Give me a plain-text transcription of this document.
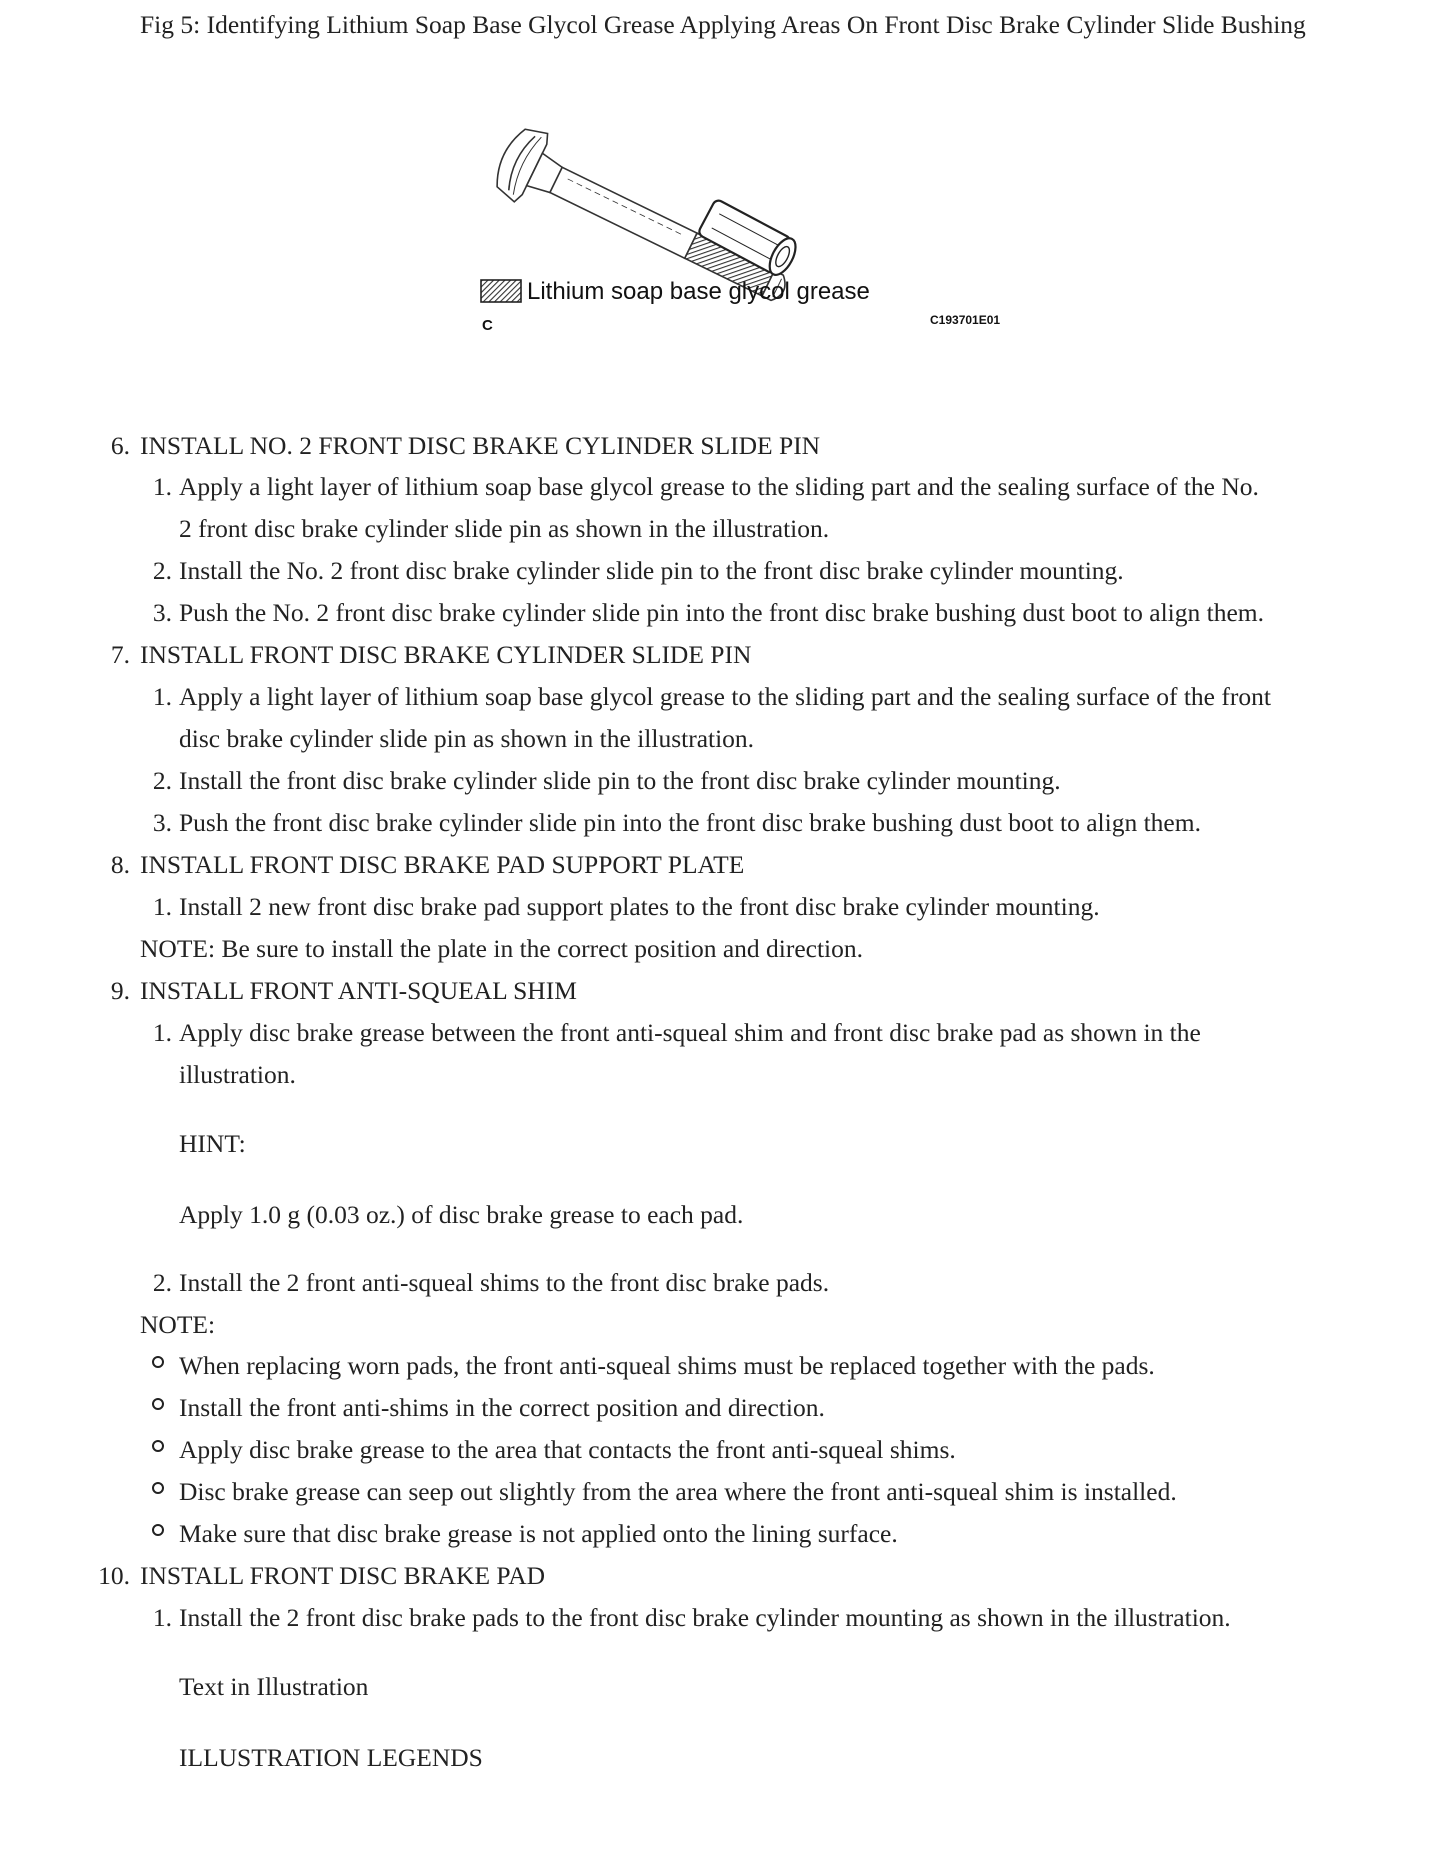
Fig 5: Identifying Lithium Soap Base Glycol Grease Applying Areas On Front Disc Brake Cylinder Slide Bushing

Lithium soap base glycol grease
C	C193701E01
6. INSTALL NO. 2 FRONT DISC BRAKE CYLINDER SLIDE PIN
1. Apply a light layer of lithium soap base glycol grease to the sliding part and the sealing surface of the No.
2 front disc brake cylinder slide pin as shown in the illustration.
2. Install the No. 2 front disc brake cylinder slide pin to the front disc brake cylinder mounting.
3. Push the No. 2 front disc brake cylinder slide pin into the front disc brake bushing dust boot to align them.
7. INSTALL FRONT DISC BRAKE CYLINDER SLIDE PIN
1. Apply a light layer of lithium soap base glycol grease to the sliding part and the sealing surface of the front
disc brake cylinder slide pin as shown in the illustration.
2. Install the front disc brake cylinder slide pin to the front disc brake cylinder mounting.
3. Push the front disc brake cylinder slide pin into the front disc brake bushing dust boot to align them.
8. INSTALL FRONT DISC BRAKE PAD SUPPORT PLATE
1. Install 2 new front disc brake pad support plates to the front disc brake cylinder mounting.
NOTE: Be sure to install the plate in the correct position and direction.
9. INSTALL FRONT ANTI-SQUEAL SHIM
1. Apply disc brake grease between the front anti-squeal shim and front disc brake pad as shown in the
illustration.
HINT:
Apply 1.0 g (0.03 oz.) of disc brake grease to each pad.
2. Install the 2 front anti-squeal shims to the front disc brake pads.
NOTE:
When replacing worn pads, the front anti-squeal shims must be replaced together with the pads.
Install the front anti-shims in the correct position and direction.
Apply disc brake grease to the area that contacts the front anti-squeal shims.
Disc brake grease can seep out slightly from the area where the front anti-squeal shim is installed.
Make sure that disc brake grease is not applied onto the lining surface.
10. INSTALL FRONT DISC BRAKE PAD
1. Install the 2 front disc brake pads to the front disc brake cylinder mounting as shown in the illustration.
Text in Illustration
ILLUSTRATION LEGENDS
